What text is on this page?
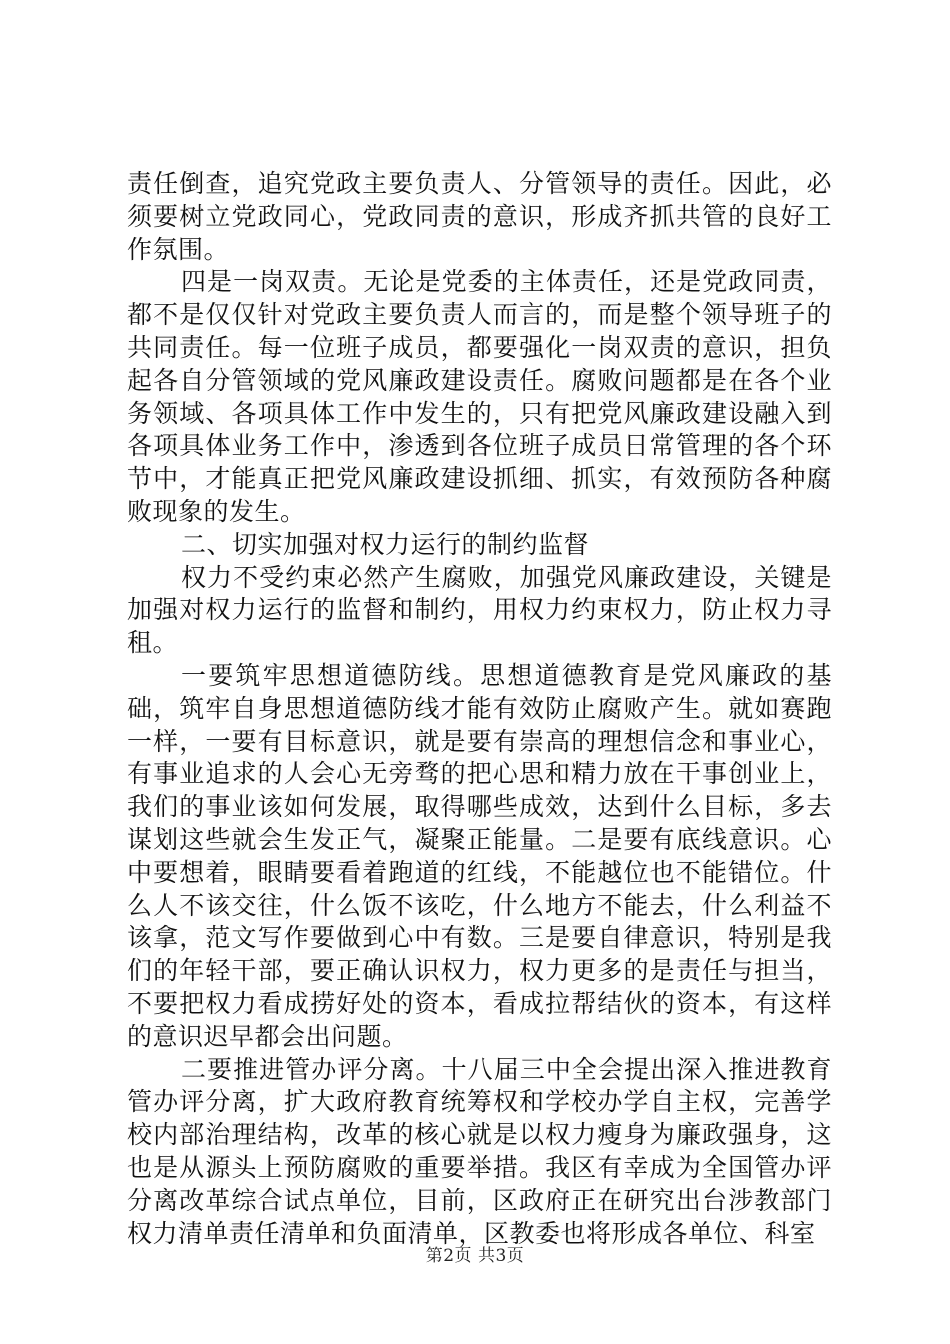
责任倒查，追究党政主要负责人、分管领导的责任。因此，必须要树立党政同心，党政同责的意识，形成齐抓共管的良好工作氛围。

四是一岗双责。无论是党委的主体责任，还是党政同责，都不是仅仅针对党政主要负责人而言的，而是整个领导班子的共同责任。每一位班子成员，都要强化一岗双责的意识，担负起各自分管领域的党风廉政建设责任。腐败问题都是在各个业务领域、各项具体工作中发生的，只有把党风廉政建设融入到各项具体业务工作中，渗透到各位班子成员日常管理的各个环节中，才能真正把党风廉政建设抓细、抓实，有效预防各种腐败现象的发生。

二、切实加强对权力运行的制约监督

权力不受约束必然产生腐败，加强党风廉政建设，关键是加强对权力运行的监督和制约，用权力约束权力，防止权力寻租。

一要筑牢思想道德防线。思想道德教育是党风廉政的基础，筑牢自身思想道德防线才能有效防止腐败产生。就如赛跑一样，一要有目标意识，就是要有崇高的理想信念和事业心，有事业追求的人会心无旁骛的把心思和精力放在干事创业上，我们的事业该如何发展，取得哪些成效，达到什么目标，多去谋划这些就会生发正气，凝聚正能量。二是要有底线意识。心中要想着，眼睛要看着跑道的红线，不能越位也不能错位。什么人不该交往，什么饭不该吃，什么地方不能去，什么利益不该拿，范文写作要做到心中有数。三是要自律意识，特别是我们的年轻干部，要正确认识权力，权力更多的是责任与担当，不要把权力看成捞好处的资本，看成拉帮结伙的资本，有这样的意识迟早都会出问题。

二要推进管办评分离。十八届三中全会提出深入推进教育管办评分离，扩大政府教育统筹权和学校办学自主权，完善学校内部治理结构，改革的核心就是以权力瘦身为廉政强身，这也是从源头上预防腐败的重要举措。我区有幸成为全国管办评分离改革综合试点单位，目前，区政府正在研究出台涉教部门权力清单责任清单和负面清单，区教委也将形成各单位、科室

第2页 共3页
